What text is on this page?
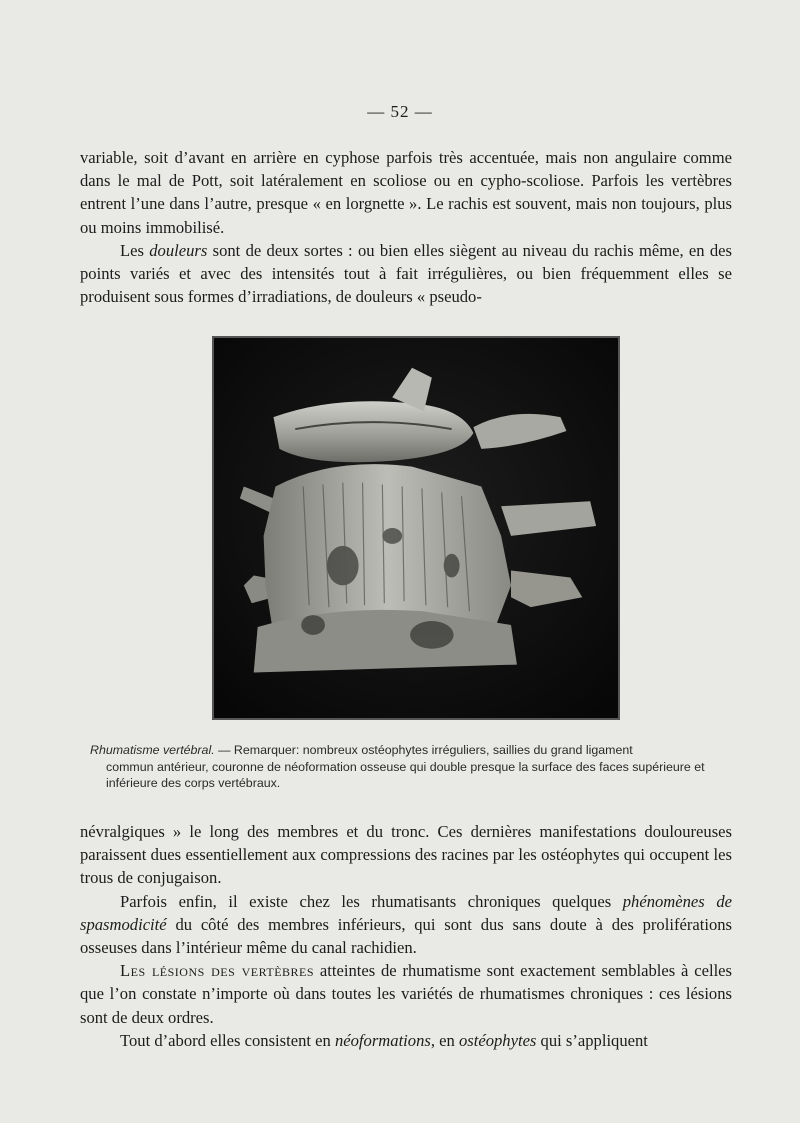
— 52 —

variable, soit d’avant en arrière en cyphose parfois très accentuée, mais non angulaire comme dans le mal de Pott, soit latéralement en scoliose ou en cypho-scoliose. Parfois les vertèbres entrent l’une dans l’autre, presque « en lorgnette ». Le rachis est souvent, mais non toujours, plus ou moins immobilisé.

Les douleurs sont de deux sortes : ou bien elles siègent au niveau du rachis même, en des points variés et avec des intensités tout à fait irrégulières, ou bien fréquemment elles se produisent sous formes d’irradiations, de douleurs « pseudo-

Rhumatisme vertébral. — Remarquer: nombreux ostéophytes irréguliers, saillies du grand ligament
commun antérieur, couronne de néoformation osseuse qui double presque la surface des faces supérieure et inférieure des corps vertébraux.

névralgiques » le long des membres et du tronc. Ces dernières manifestations douloureuses paraissent dues essentiellement aux compressions des racines par les ostéophytes qui occupent les trous de conjugaison.

Parfois enfin, il existe chez les rhumatisants chroniques quelques phénomènes de spasmodicité du côté des membres inférieurs, qui sont dus sans doute à des proliférations osseuses dans l’intérieur même du canal rachidien.

Les lésions des vertèbres atteintes de rhumatisme sont exactement semblables à celles que l’on constate n’importe où dans toutes les variétés de rhumatismes chroniques : ces lésions sont de deux ordres.

Tout d’abord elles consistent en néoformations, en ostéophytes qui s’appliquent
